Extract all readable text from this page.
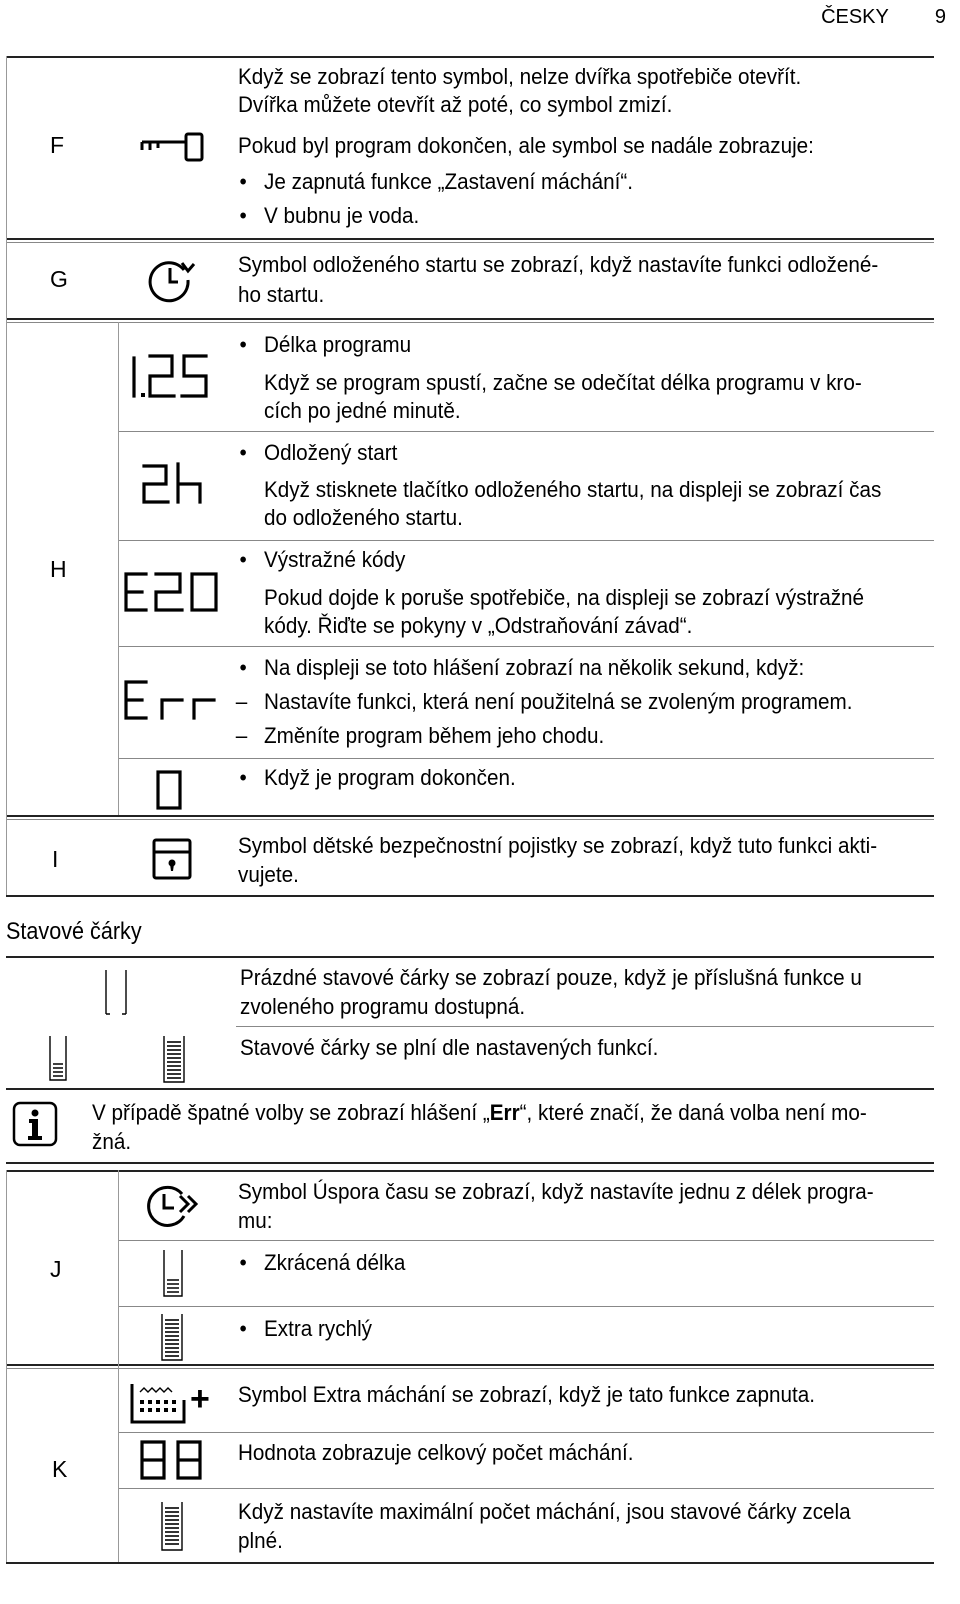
ČESKY 9
F
Když se zobrazí tento symbol, nelze dvířka spotřebiče otevřít.
Dvířka můžete otevřít až poté, co symbol zmizí.
Pokud byl program dokončen, ale symbol se nadále zobrazuje:
• Je zapnutá funkce „Zastavení máchání“.
• V bubnu je voda.
G
Symbol odloženého startu se zobrazí, když nastavíte funkci odložené-
ho startu.
H
• Délka programu
Když se program spustí, začne se odečítat délka programu v kro-
cích po jedné minutě.
• Odložený start
Když stisknete tlačítko odloženého startu, na displeji se zobrazí čas
do odloženého startu.
• Výstražné kódy
Pokud dojde k poruše spotřebiče, na displeji se zobrazí výstražné
kódy. Řiďte se pokyny v „Odstraňování závad“.
• Na displeji se toto hlášení zobrazí na několik sekund, když:
– Nastavíte funkci, která není použitelná se zvoleným programem.
– Změníte program během jeho chodu.
• Když je program dokončen.
I
Symbol dětské bezpečnostní pojistky se zobrazí, když tuto funkci akti-
vujete.
Stavové čárky
Prázdné stavové čárky se zobrazí pouze, když je příslušná funkce u
zvoleného programu dostupná.
Stavové čárky se plní dle nastavených funkcí.
V případě špatné volby se zobrazí hlášení „Err“, které značí, že daná volba není mo-
žná.
J
Symbol Úspora času se zobrazí, když nastavíte jednu z délek progra-
mu:
• Zkrácená délka
• Extra rychlý
K
+ Symbol Extra máchání se zobrazí, když je tato funkce zapnuta.
Hodnota zobrazuje celkový počet máchání.
Když nastavíte maximální počet máchání, jsou stavové čárky zcela
plné.
